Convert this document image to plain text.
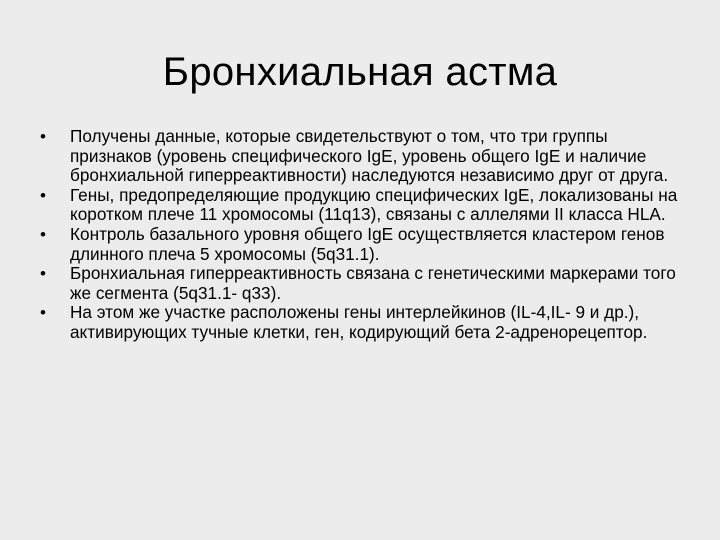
Бронхиальная астма
•	Получены данные, которые свидетельствуют о том, что три группы признаков (уровень специфического IgE, уровень общего IgE и наличие бронхиальной гиперреактивности) наследуются независимо друг от друга.
•	Гены, предопределяющие продукцию специфических IgE, локализованы на коротком плече 11 хромосомы (11q13), связаны с аллелями II класса HLA.
•	Контроль базального уровня общего IgE осуществляется кластером генов длинного плеча 5 хромосомы (5q31.1).
•	Бронхиальная гиперреактивность связана с генетическими маркерами того же сегмента (5q31.1- q33).
•	На этом же участке расположены гены интерлейкинов (IL-4,IL- 9 и др.), активирующих тучные клетки, ген, кодирующий бета 2-адренорецептор.
